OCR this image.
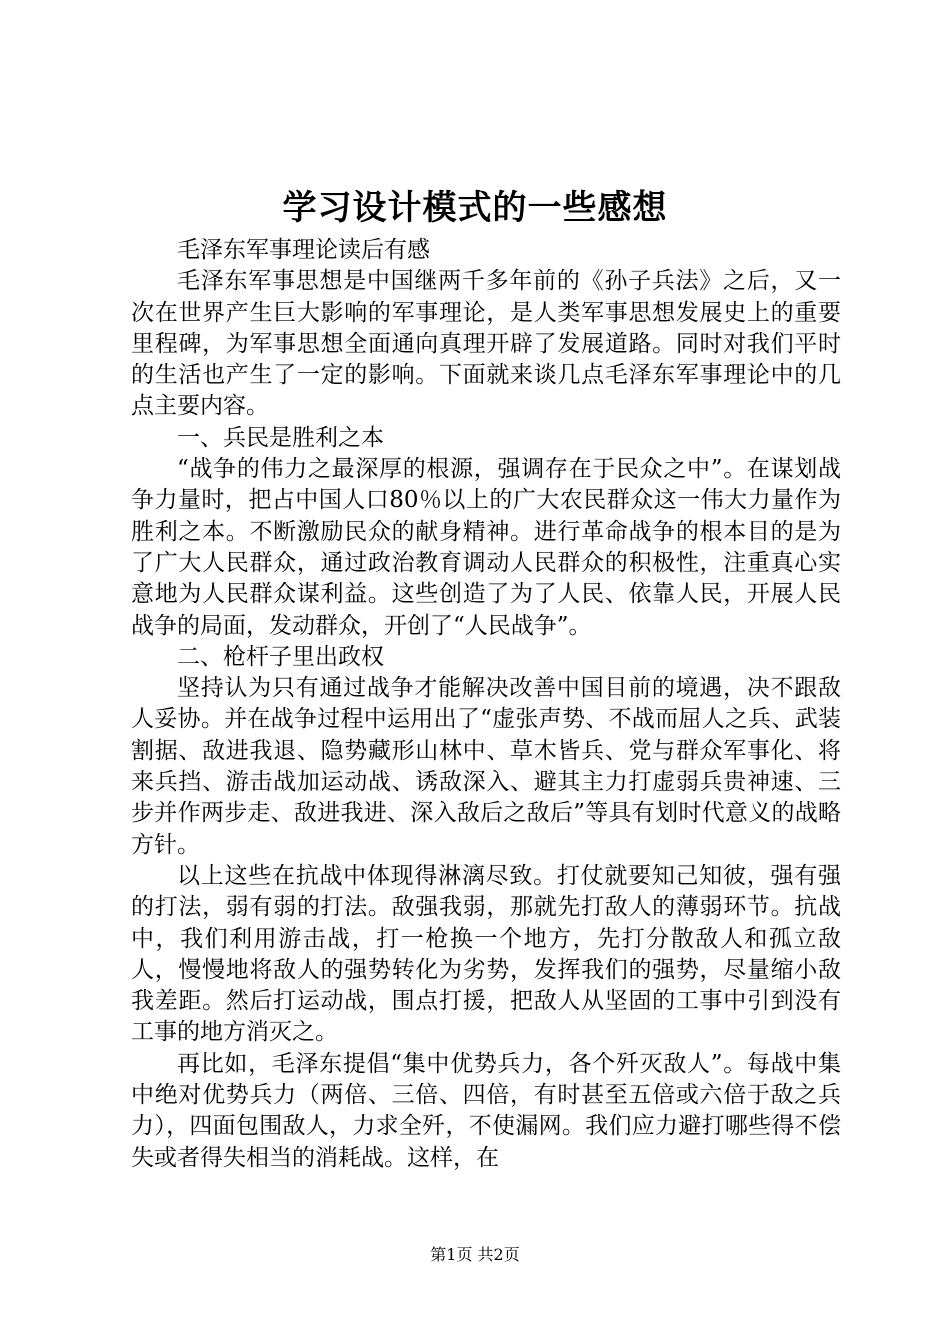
学习设计模式的一些感想

毛泽东军事理论读后有感

毛泽东军事思想是中国继两千多年前的《孙子兵法》之后，又一次在世界产生巨大影响的军事理论，是人类军事思想发展史上的重要里程碑，为军事思想全面通向真理开辟了发展道路。同时对我们平时的生活也产生了一定的影响。下面就来谈几点毛泽东军事理论中的几点主要内容。

一、兵民是胜利之本

“战争的伟力之最深厚的根源，强调存在于民众之中”。在谋划战争力量时，把占中国人口80％以上的广大农民群众这一伟大力量作为胜利之本。不断激励民众的献身精神。进行革命战争的根本目的是为了广大人民群众，通过政治教育调动人民群众的积极性，注重真心实意地为人民群众谋利益。这些创造了为了人民、依靠人民，开展人民战争的局面，发动群众，开创了“人民战争”。

二、枪杆子里出政权

坚持认为只有通过战争才能解决改善中国目前的境遇，决不跟敌人妥协。并在战争过程中运用出了“虚张声势、不战而屈人之兵、武装割据、敌进我退、隐势藏形山林中、草木皆兵、党与群众军事化、将来兵挡、游击战加运动战、诱敌深入、避其主力打虚弱兵贵神速、三步并作两步走、敌进我进、深入敌后之敌后”等具有划时代意义的战略方针。

以上这些在抗战中体现得淋漓尽致。打仗就要知己知彼，强有强的打法，弱有弱的打法。敌强我弱，那就先打敌人的薄弱环节。抗战中，我们利用游击战，打一枪换一个地方，先打分散敌人和孤立敌人，慢慢地将敌人的强势转化为劣势，发挥我们的强势，尽量缩小敌我差距。然后打运动战，围点打援，把敌人从坚固的工事中引到没有工事的地方消灭之。

再比如，毛泽东提倡“集中优势兵力，各个歼灭敌人”。每战中集中绝对优势兵力（两倍、三倍、四倍，有时甚至五倍或六倍于敌之兵力），四面包围敌人，力求全歼，不使漏网。我们应力避打哪些得不偿失或者得失相当的消耗战。这样，在

第1页 共2页
